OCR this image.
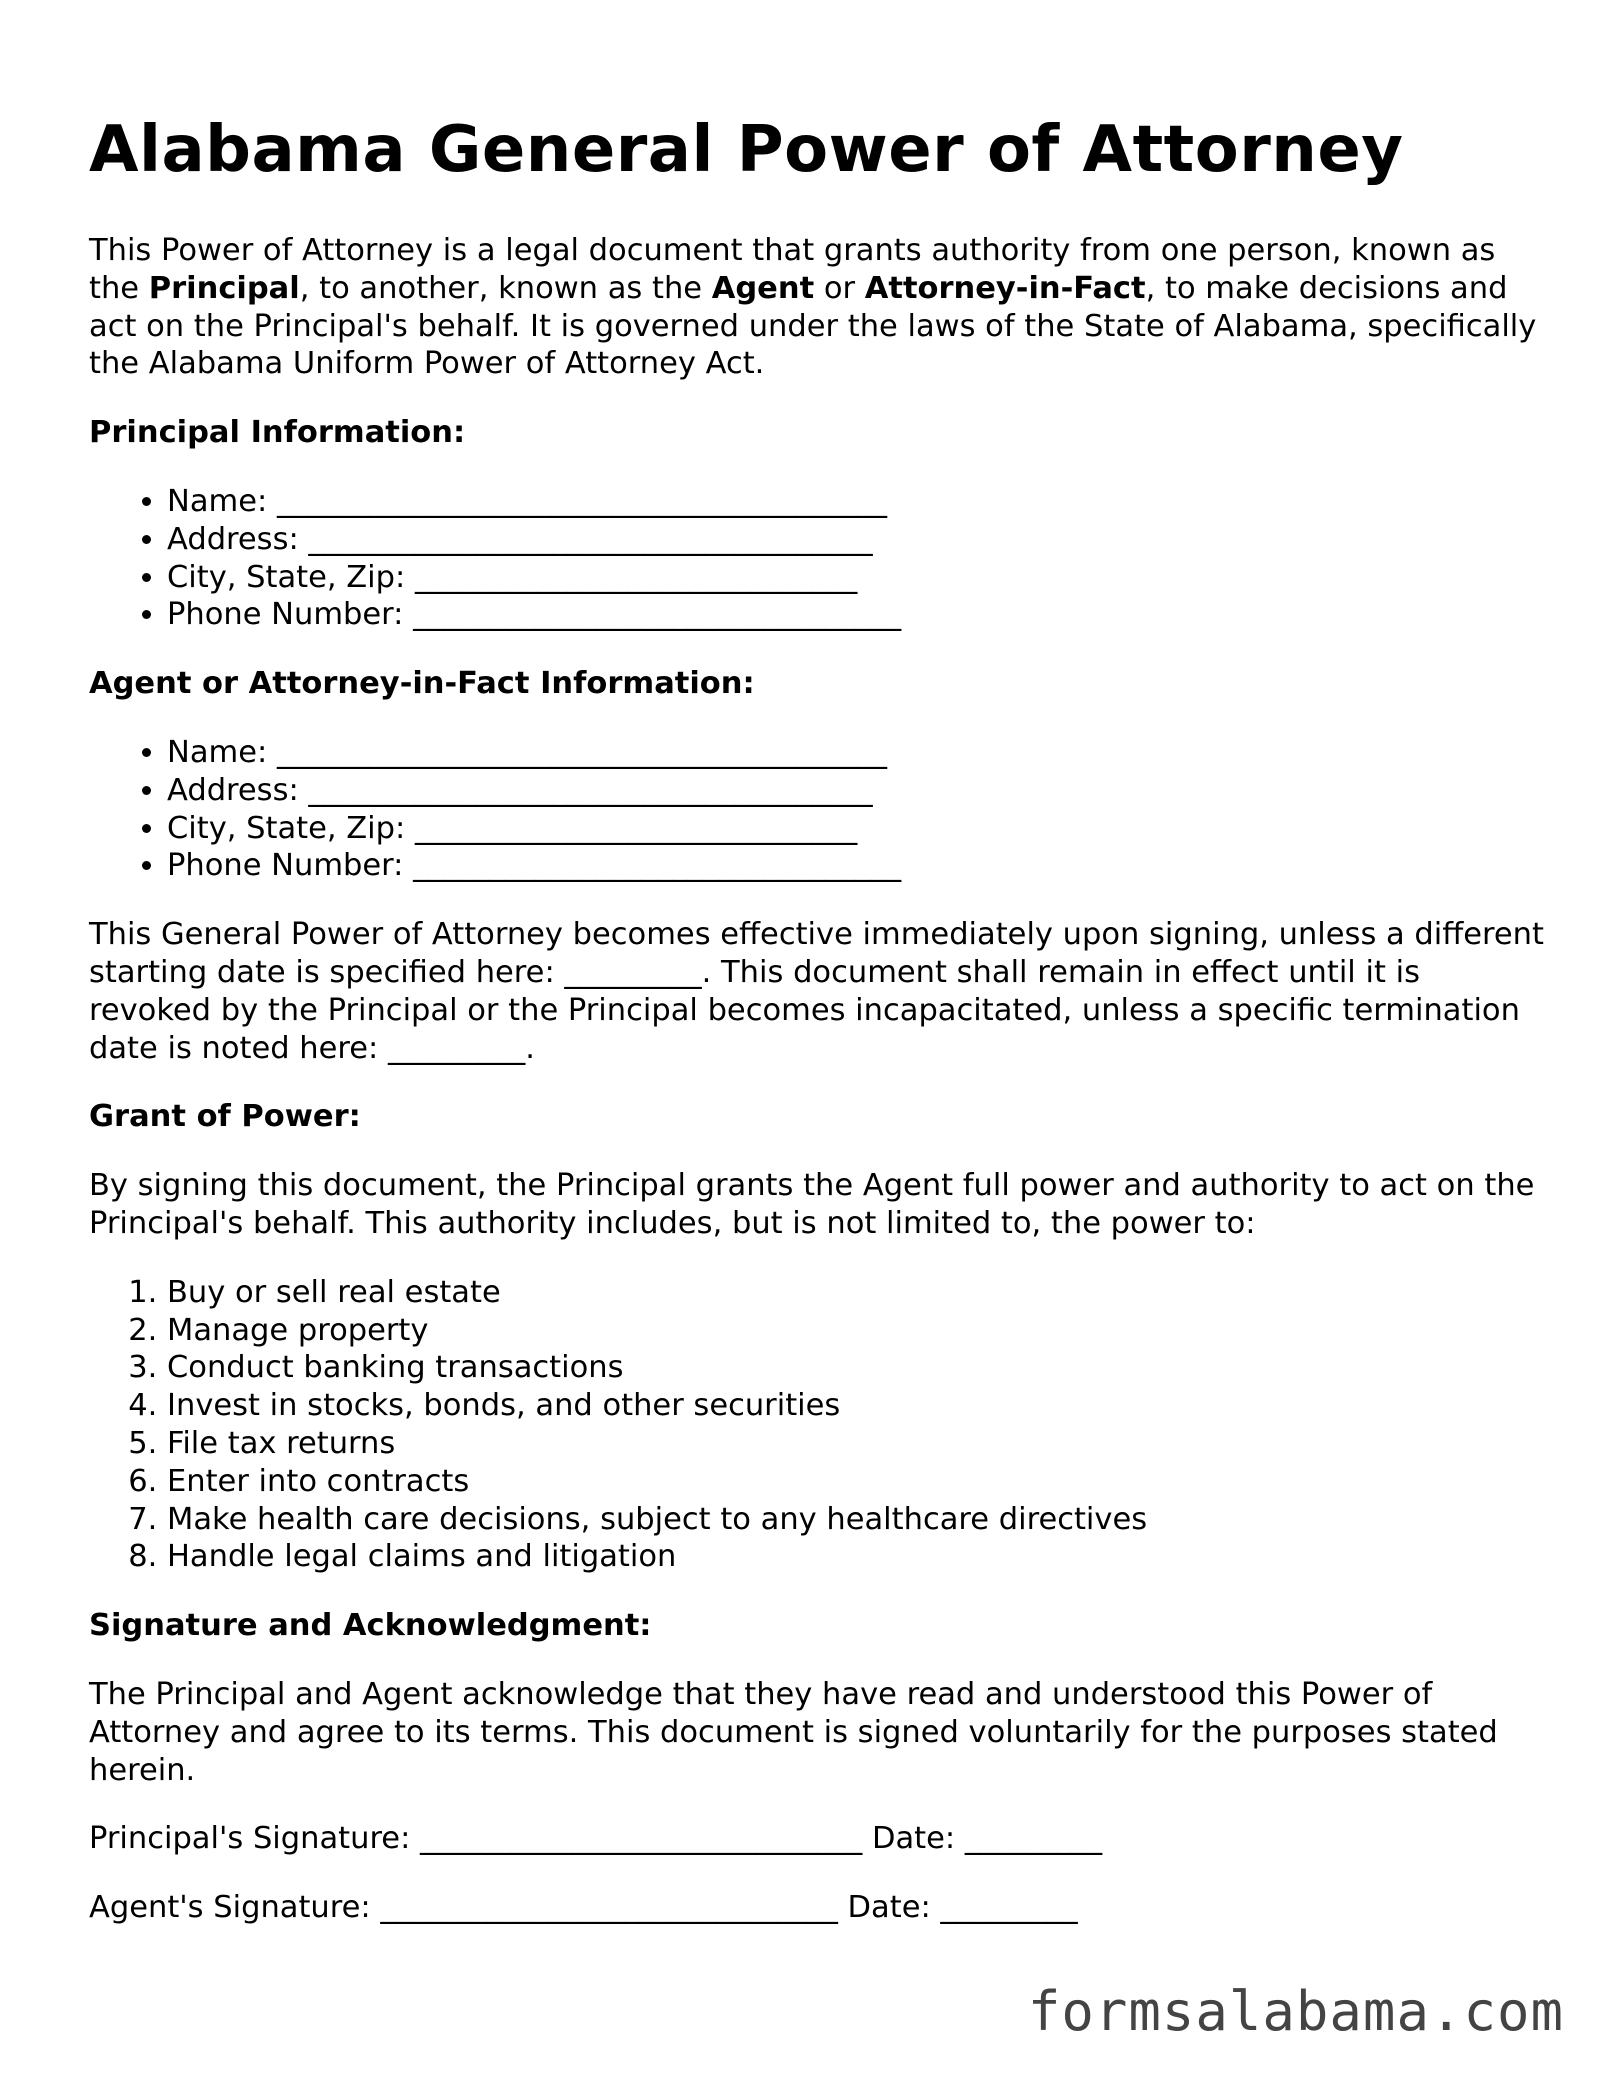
Alabama General Power of Attorney

This Power of Attorney is a legal document that grants authority from one person, known as the Principal, to another, known as the Agent or Attorney-in-Fact, to make decisions and act on the Principal's behalf. It is governed under the laws of the State of Alabama, specifically the Alabama Uniform Power of Attorney Act.

Principal Information:
• Name: ________________________________________
• Address: _____________________________________
• City, State, Zip: _____________________________
• Phone Number: ________________________________
Agent or Attorney-in-Fact Information:
• Name: ________________________________________
• Address: _____________________________________
• City, State, Zip: _____________________________
• Phone Number: ________________________________

This General Power of Attorney becomes effective immediately upon signing, unless a different starting date is specified here: _________. This document shall remain in effect until it is revoked by the Principal or the Principal becomes incapacitated, unless a specific termination date is noted here: _________.

Grant of Power:

By signing this document, the Principal grants the Agent full power and authority to act on the Principal's behalf. This authority includes, but is not limited to, the power to:

1. Buy or sell real estate
2. Manage property
3. Conduct banking transactions
4. Invest in stocks, bonds, and other securities
5. File tax returns
6. Enter into contracts
7. Make health care decisions, subject to any healthcare directives
8. Handle legal claims and litigation
Signature and Acknowledgment:

The Principal and Agent acknowledge that they have read and understood this Power of Attorney and agree to its terms. This document is signed voluntarily for the purposes stated herein.

Principal's Signature: _____________________________ Date: _________

Agent's Signature: ______________________________ Date: _________

formsalabama.com
